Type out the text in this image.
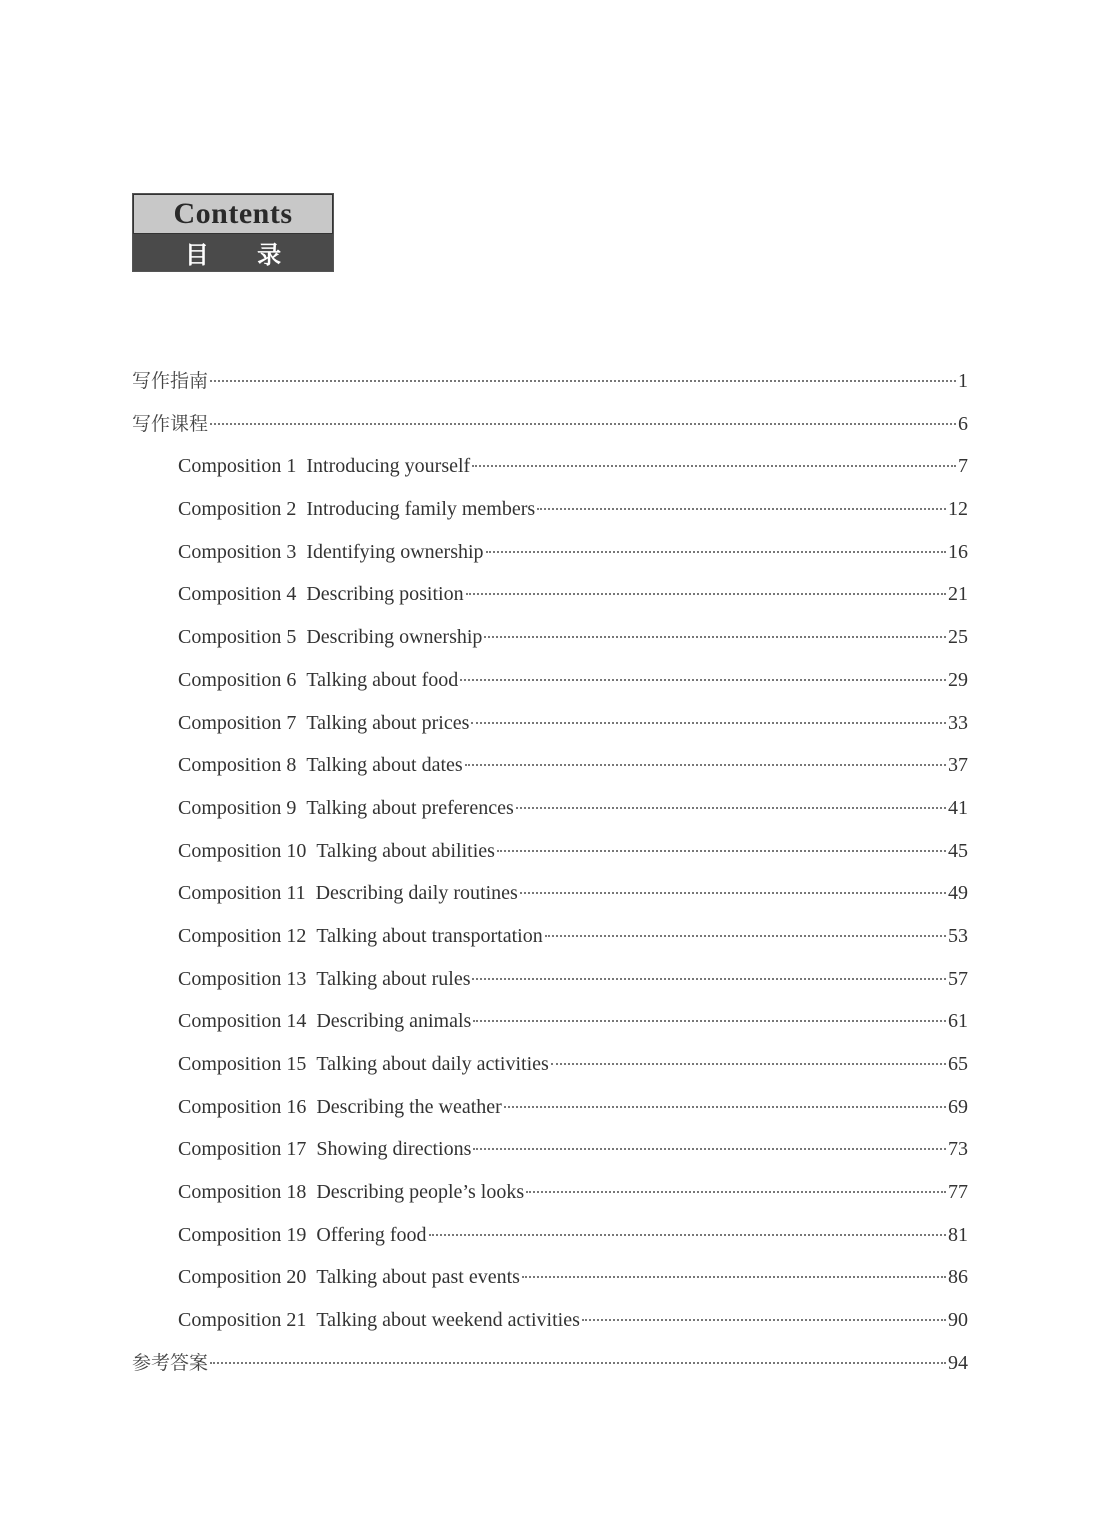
Contents
目 录
写作指南	1
写作课程	6
Composition 1 Introducing yourself	7
Composition 2 Introducing family members	12
Composition 3 Identifying ownership	16
Composition 4 Describing position	21
Composition 5 Describing ownership	25
Composition 6 Talking about food	29
Composition 7 Talking about prices	33
Composition 8 Talking about dates	37
Composition 9 Talking about preferences	41
Composition 10 Talking about abilities	45
Composition 11 Describing daily routines	49
Composition 12 Talking about transportation	53
Composition 13 Talking about rules	57
Composition 14 Describing animals	61
Composition 15 Talking about daily activities	65
Composition 16 Describing the weather	69
Composition 17 Showing directions	73
Composition 18 Describing people’s looks	77
Composition 19 Offering food	81
Composition 20 Talking about past events	86
Composition 21 Talking about weekend activities	90
参考答案	94
